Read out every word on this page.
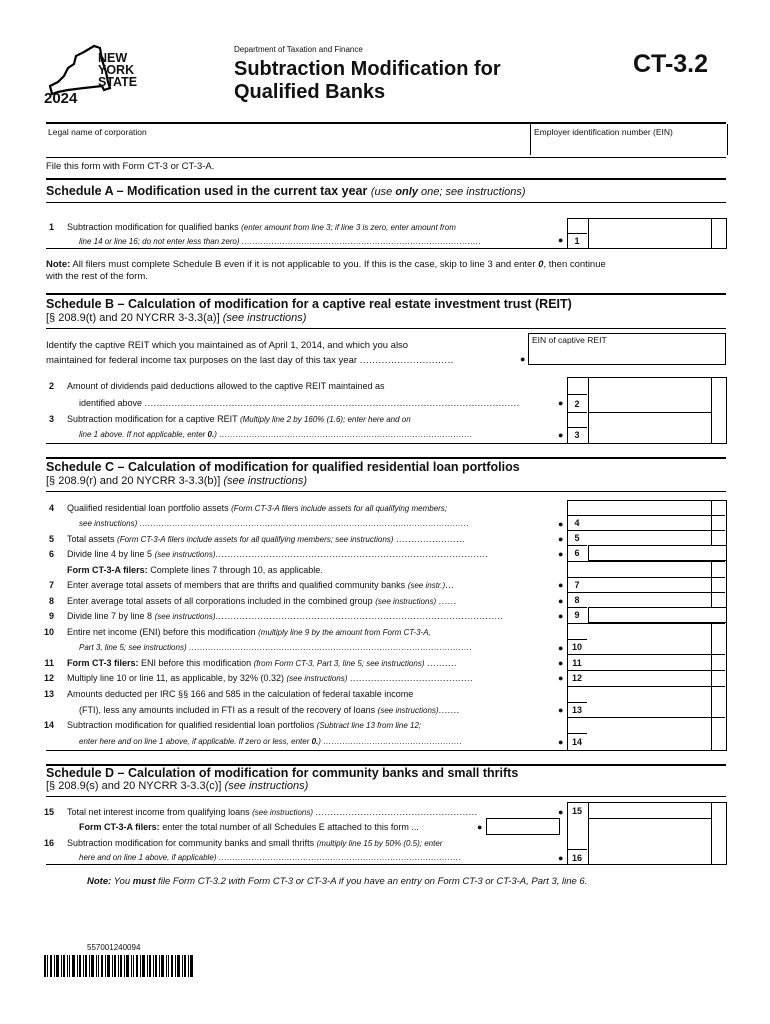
NEW
YORK
STATE
2024
Department of Taxation and Finance
Subtraction Modification for
Qualified Banks
CT-3.2
Legal name of corporation	Employer identification number (EIN)
File this form with Form CT-3 or CT-3-A.
Schedule A – Modification used in the current tax year (use only one; see instructions)
1 Subtraction modification for qualified banks (enter amount from line 3; if line 3 is zero, enter amount from
line 14 or line 16; do not enter less than zero) ........................................................................................	●	1
Note: All filers must complete Schedule B even if it is not applicable to you. If this is the case, skip to line 3 and enter 0, then continue
with the rest of the form.
Schedule B – Calculation of modification for a captive real estate investment trust (REIT)
[§ 208.9(t) and 20 NYCRR 3-3.3(a)] (see instructions)
Identify the captive REIT which you maintained as of April 1, 2014, and which you also
maintained for federal income tax purposes on the last day of this tax year ..............................	●
EIN of captive REIT
2 Amount of dividends paid deductions allowed to the captive REIT maintained as
identified above .............................................................................................................................	●	2
3 Subtraction modification for a captive REIT (Multiply line 2 by 160% (1.6); enter here and on
line 1 above. If not applicable, enter 0.) .............................................................................................	●	3
Schedule C – Calculation of modification for qualified residential loan portfolios
[§ 208.9(r) and 20 NYCRR 3-3.3(b)] (see instructions)
4 Qualified residential loan portfolio assets (Form CT-3-A filers include assets for all qualifying members;
see instructions) .........................................................................................................................	●	4
5 Total assets (Form CT-3-A filers include assets for all qualifying members; see instructions) .......................	●	5
6 Divide line 4 by line 5 (see instructions)...........................................................................................	●	6
Form CT-3-A filers: Complete lines 7 through 10, as applicable.
7 Enter average total assets of members that are thrifts and qualified community banks (see instr.)...	●	7
8 Enter average total assets of all corporations included in the combined group (see instructions) ......	●	8
9 Divide line 7 by line 8 (see instructions)................................................................................................	●	9
10 Entire net income (ENI) before this modification (multiply line 9 by the amount from Form CT-3-A,
Part 3, line 5; see instructions) ........................................................................................................	● 10
11 Form CT-3 filers: ENI before this modification (from Form CT-3, Part 3, line 5; see instructions) ..........	● 11
12 Multiply line 10 or line 11, as applicable, by 32% (0.32) (see instructions) .........................................	● 12
13 Amounts deducted per IRC §§ 166 and 585 in the calculation of federal taxable income
(FTI), less any amounts included in FTI as a result of the recovery of loans (see instructions).......	● 13
14 Subtraction modification for qualified residential loan portfolios (Subtract line 13 from line 12;
enter here and on line 1 above, if applicable. If zero or less, enter 0.) ...................................................	● 14
Schedule D – Calculation of modification for community banks and small thrifts
[§ 208.9(s) and 20 NYCRR 3-3.3(c)] (see instructions)
15 Total net interest income from qualifying loans (see instructions) ......................................................	● 15
Form CT-3-A filers: enter the total number of all Schedules E attached to this form ...	●
16 Subtraction modification for community banks and small thrifts (multiply line 15 by 50% (0.5); enter
here and on line 1 above, if applicable) .........................................................................................	● 16
Note: You must file Form CT-3.2 with Form CT-3 or CT-3-A if you have an entry on Form CT-3 or CT-3-A, Part 3, line 6.
557001240094
